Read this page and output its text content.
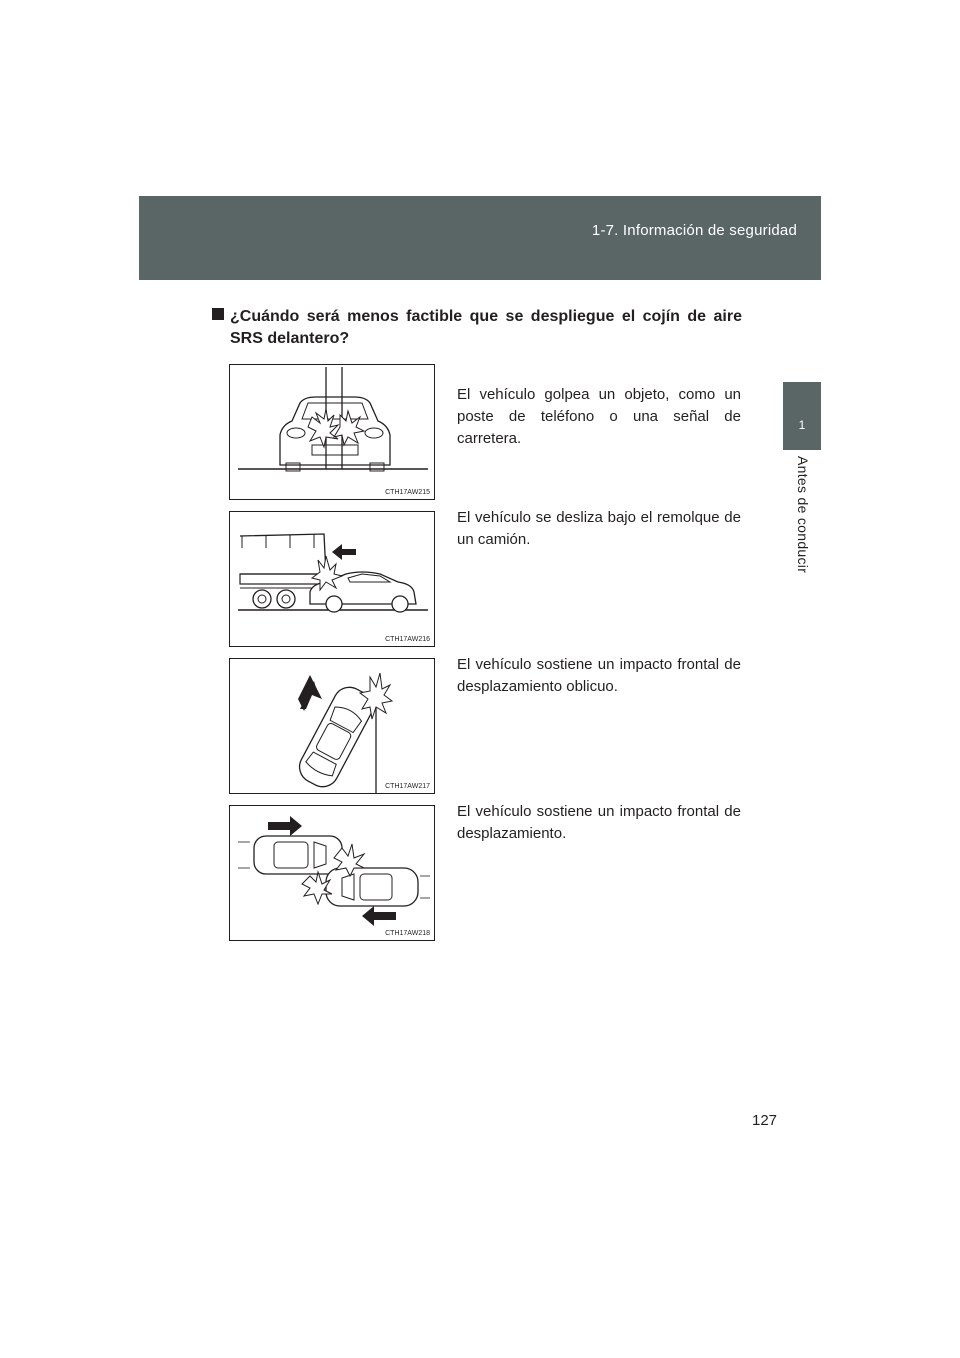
1-7. Información de seguridad
1
Antes de conducir
¿Cuándo será menos factible que se despliegue el cojín de aire SRS delantero?
CTH17AW215
El vehículo golpea un objeto, como un poste de teléfono o una señal de carretera.
CTH17AW216
El vehículo se desliza bajo el remolque de un camión.
CTH17AW217
El vehículo sostiene un impacto frontal de desplazamiento oblicuo.
CTH17AW218
El vehículo sostiene un impacto frontal de desplazamiento.
127
